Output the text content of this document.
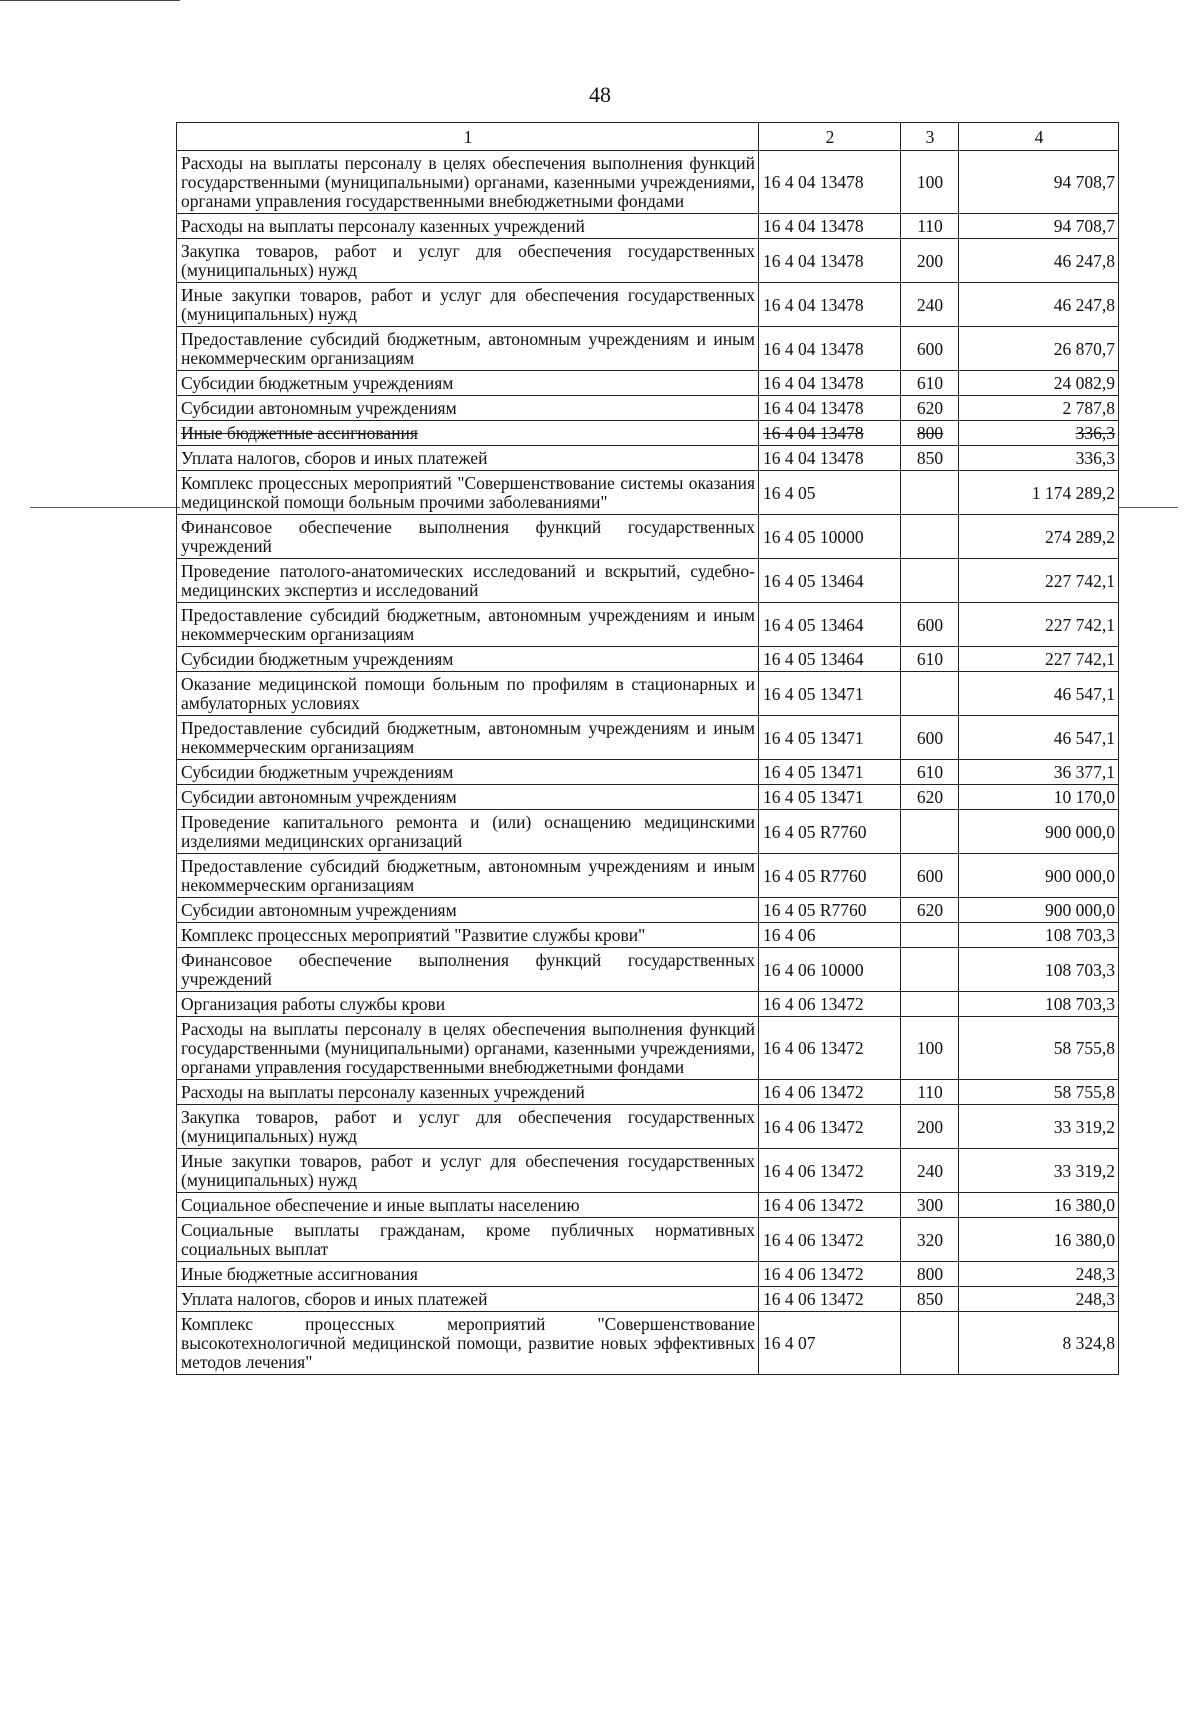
48
1	2	3	4
Расходы на выплаты персоналу в целях обеспечения выполнения функций государственными (муниципальными) органами, казенными учреждениями, органами управления государственными внебюджетными фондами	16 4 04 13478	100	94 708,7
Расходы на выплаты персоналу казенных учреждений	16 4 04 13478	110	94 708,7
Закупка товаров, работ и услуг для обеспечения государственных (муниципальных) нужд	16 4 04 13478	200	46 247,8
Иные закупки товаров, работ и услуг для обеспечения государственных (муниципальных) нужд	16 4 04 13478	240	46 247,8
Предоставление субсидий бюджетным, автономным учреждениям и иным некоммерческим организациям	16 4 04 13478	600	26 870,7
Субсидии бюджетным учреждениям	16 4 04 13478	610	24 082,9
Субсидии автономным учреждениям	16 4 04 13478	620	2 787,8
Иные бюджетные ассигнования	16 4 04 13478	800	336,3
Уплата налогов, сборов и иных платежей	16 4 04 13478	850	336,3
Комплекс процессных мероприятий "Совершенствование системы оказания медицинской помощи больным прочими заболеваниями"	16 4 05		1 174 289,2
Финансовое обеспечение выполнения функций государственных учреждений	16 4 05 10000		274 289,2
Проведение патолого-анатомических исследований и вскрытий, судебно-медицинских экспертиз и исследований	16 4 05 13464		227 742,1
Предоставление субсидий бюджетным, автономным учреждениям и иным некоммерческим организациям	16 4 05 13464	600	227 742,1
Субсидии бюджетным учреждениям	16 4 05 13464	610	227 742,1
Оказание медицинской помощи больным по профилям в стационарных и амбулаторных условиях	16 4 05 13471		46 547,1
Предоставление субсидий бюджетным, автономным учреждениям и иным некоммерческим организациям	16 4 05 13471	600	46 547,1
Субсидии бюджетным учреждениям	16 4 05 13471	610	36 377,1
Субсидии автономным учреждениям	16 4 05 13471	620	10 170,0
Проведение капитального ремонта и (или) оснащению медицинскими изделиями медицинских организаций	16 4 05 R7760		900 000,0
Предоставление субсидий бюджетным, автономным учреждениям и иным некоммерческим организациям	16 4 05 R7760	600	900 000,0
Субсидии автономным учреждениям	16 4 05 R7760	620	900 000,0
Комплекс процессных мероприятий "Развитие службы крови"	16 4 06		108 703,3
Финансовое обеспечение выполнения функций государственных учреждений	16 4 06 10000		108 703,3
Организация работы службы крови	16 4 06 13472		108 703,3
Расходы на выплаты персоналу в целях обеспечения выполнения функций государственными (муниципальными) органами, казенными учреждениями, органами управления государственными внебюджетными фондами	16 4 06 13472	100	58 755,8
Расходы на выплаты персоналу казенных учреждений	16 4 06 13472	110	58 755,8
Закупка товаров, работ и услуг для обеспечения государственных (муниципальных) нужд	16 4 06 13472	200	33 319,2
Иные закупки товаров, работ и услуг для обеспечения государственных (муниципальных) нужд	16 4 06 13472	240	33 319,2
Социальное обеспечение и иные выплаты населению	16 4 06 13472	300	16 380,0
Социальные выплаты гражданам, кроме публичных нормативных социальных выплат	16 4 06 13472	320	16 380,0
Иные бюджетные ассигнования	16 4 06 13472	800	248,3
Уплата налогов, сборов и иных платежей	16 4 06 13472	850	248,3
Комплекс процессных мероприятий "Совершенствование высокотехнологичной медицинской помощи, развитие новых эффективных методов лечения"	16 4 07		8 324,8
